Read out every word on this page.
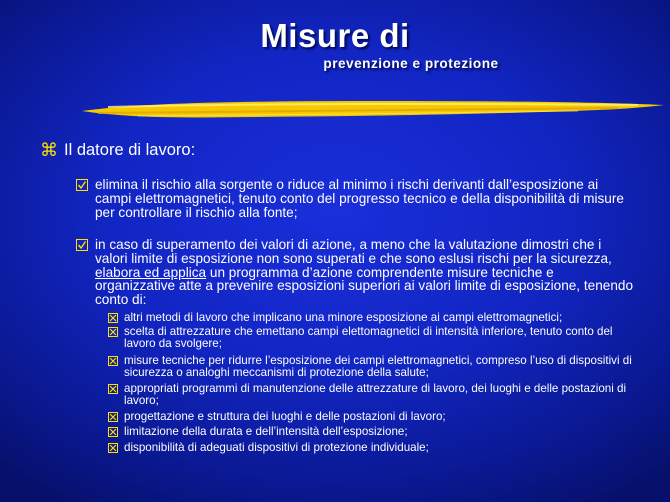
Misure di
prevenzione e protezione
⌘ Il datore di lavoro:
elimina il rischio alla sorgente o riduce al minimo i rischi derivanti dall’esposizione ai campi elettromagnetici, tenuto conto del progresso tecnico e della disponibilità di misure per controllare il rischio alla fonte;
in caso di superamento dei valori di azione, a meno che la valutazione dimostri che i valori limite di esposizione non sono superati e che sono eslusi rischi per la sicurezza, elabora ed applica un programma d’azione comprendente misure tecniche e organizzative atte a prevenire esposizioni superiori ai valori limite di esposizione, tenendo conto di:
altri metodi di lavoro che implicano una minore esposizione ai campi elettromagnetici;
scelta di attrezzature che emettano campi elettomagnetici di intensità inferiore, tenuto conto del lavoro da svolgere;
misure tecniche per ridurre l’esposizione dei campi elettromagnetici, compreso l’uso di dispositivi di sicurezza o analoghi meccanismi di protezione della salute;
appropriati programmi di manutenzione delle attrezzature di lavoro, dei luoghi e delle postazioni di lavoro;
progettazione e struttura dei luoghi e delle postazioni di lavoro;
limitazione della durata e dell’intensità dell’esposizione;
disponibilità di adeguati dispositivi di protezione individuale;
